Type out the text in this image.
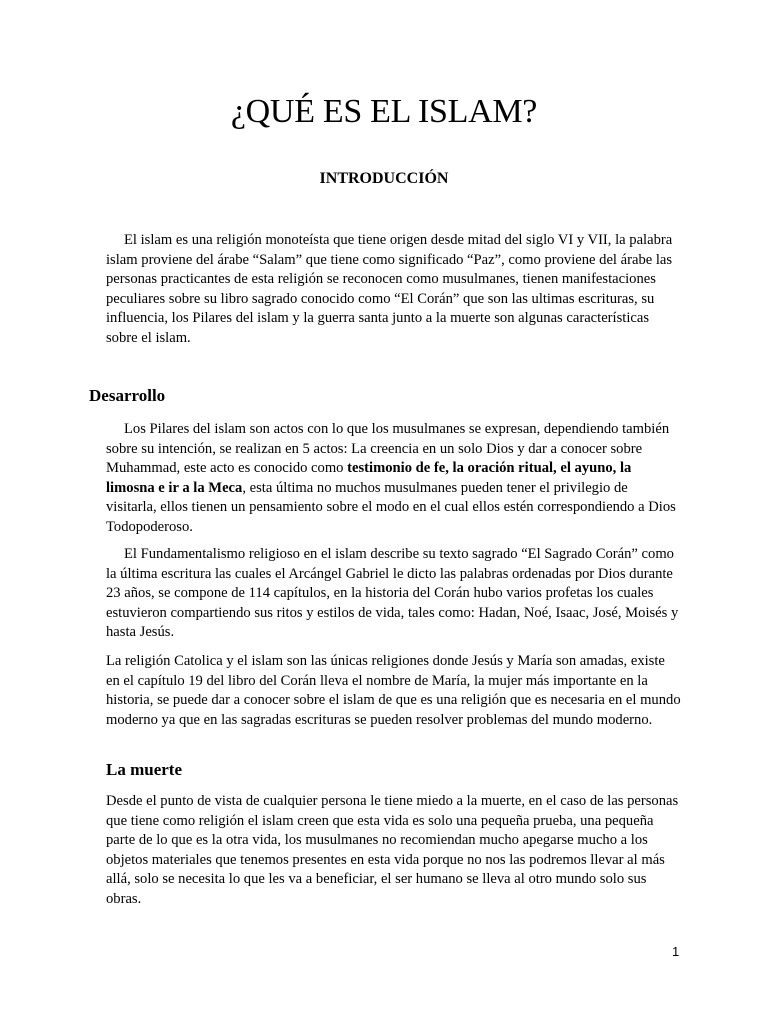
¿QUÉ ES EL ISLAM?
INTRODUCCIÓN

El islam es una religión monoteísta que tiene origen desde mitad del siglo VI y VII, la palabra islam proviene del árabe “Salam” que tiene como significado “Paz”, como proviene del árabe las personas practicantes de esta religión se reconocen como musulmanes, tienen manifestaciones peculiares sobre su libro sagrado conocido como “El Corán” que son las ultimas escrituras, su influencia, los Pilares del islam y la guerra santa junto a la muerte son algunas características sobre el islam.

Desarrollo

Los Pilares del islam son actos con lo que los musulmanes se expresan, dependiendo también sobre su intención, se realizan en 5 actos: La creencia en un solo Dios y dar a conocer sobre Muhammad, este acto es conocido como testimonio de fe, la oración ritual, el ayuno, la limosna e ir a la Meca, esta última no muchos musulmanes pueden tener el privilegio de visitarla, ellos tienen un pensamiento sobre el modo en el cual ellos estén correspondiendo a Dios Todopoderoso.

El Fundamentalismo religioso en el islam describe su texto sagrado “El Sagrado Corán” como la última escritura las cuales el Arcángel Gabriel le dicto las palabras ordenadas por Dios durante 23 años, se compone de 114 capítulos, en la historia del Corán hubo varios profetas los cuales estuvieron compartiendo sus ritos y estilos de vida, tales como: Hadan, Noé, Isaac, José, Moisés y hasta Jesús.

La religión Catolica y el islam son las únicas religiones donde Jesús y María son amadas, existe en el capítulo 19 del libro del Corán lleva el nombre de María, la mujer más importante en la historia, se puede dar a conocer sobre el islam de que es una religión que es necesaria en el mundo moderno ya que en las sagradas escrituras se pueden resolver problemas del mundo moderno.

La muerte

Desde el punto de vista de cualquier persona le tiene miedo a la muerte, en el caso de las personas que tiene como religión el islam creen que esta vida es solo una pequeña prueba, una pequeña parte de lo que es la otra vida, los musulmanes no recomiendan mucho apegarse mucho a los objetos materiales que tenemos presentes en esta vida porque no nos las podremos llevar al más allá, solo se necesita lo que les va a beneficiar, el ser humano se lleva al otro mundo solo sus obras.

1
